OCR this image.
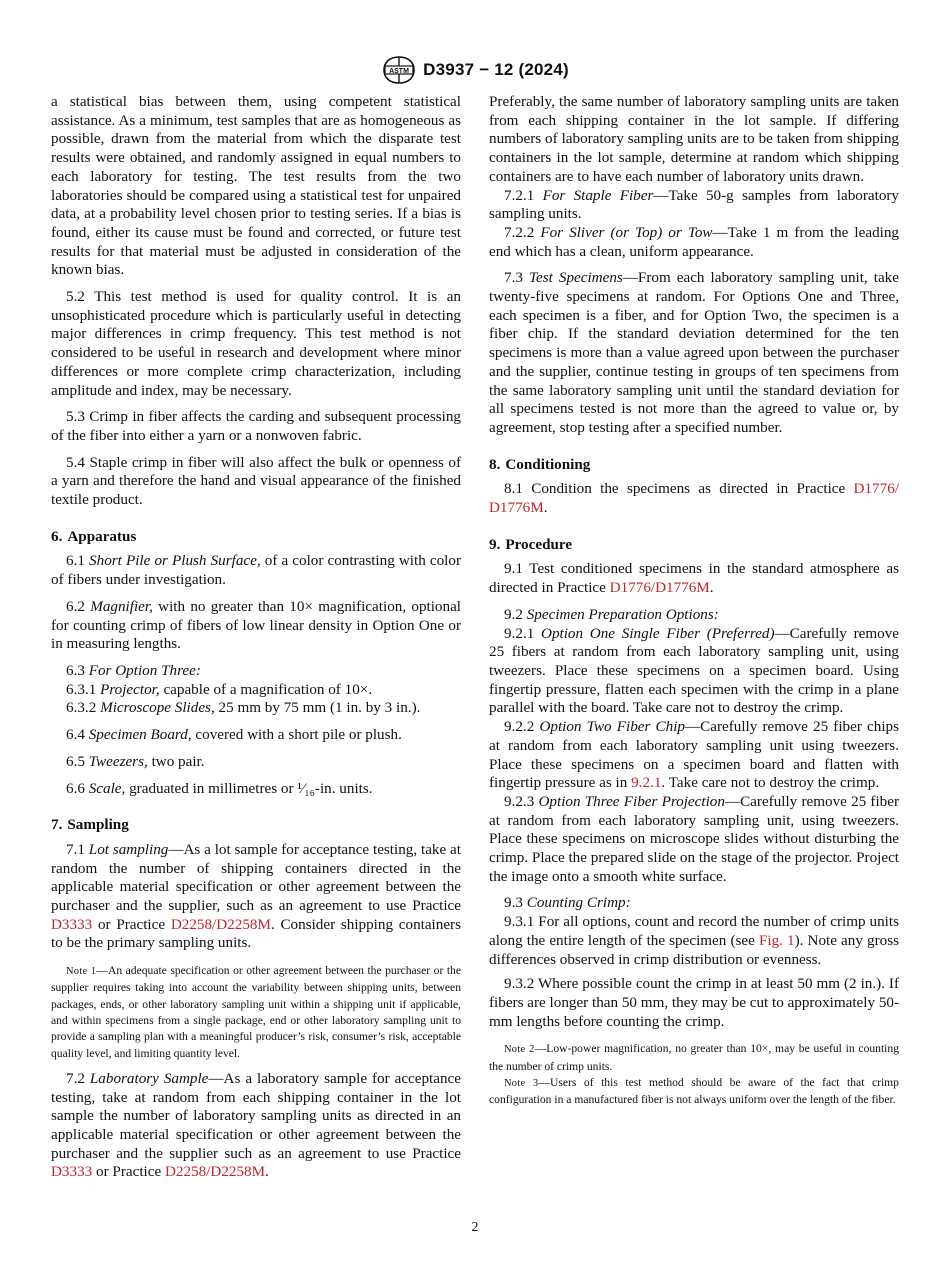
ASTM D3937 − 12 (2024)

a statistical bias between them, using competent statistical assistance. As a minimum, test samples that are as homogeneous as possible, drawn from the material from which the disparate test results were obtained, and randomly assigned in equal numbers to each laboratory for testing. The test results from the two laboratories should be compared using a statistical test for unpaired data, at a probability level chosen prior to testing series. If a bias is found, either its cause must be found and corrected, or future test results for that material must be adjusted in consideration of the known bias.

5.2 This test method is used for quality control. It is an unsophisticated procedure which is particularly useful in detecting major differences in crimp frequency. This test method is not considered to be useful in research and development where minor differences or more complete crimp characterization, including amplitude and index, may be necessary.

5.3 Crimp in fiber affects the carding and subsequent processing of the fiber into either a yarn or a nonwoven fabric.

5.4 Staple crimp in fiber will also affect the bulk or openness of a yarn and therefore the hand and visual appearance of the finished textile product.

6. Apparatus

6.1 Short Pile or Plush Surface, of a color contrasting with color of fibers under investigation.

6.2 Magnifier, with no greater than 10× magnification, optional for counting crimp of fibers of low linear density in Option One or in measuring lengths.

6.3 For Option Three:

6.3.1 Projector, capable of a magnification of 10×.

6.3.2 Microscope Slides, 25 mm by 75 mm (1 in. by 3 in.).

6.4 Specimen Board, covered with a short pile or plush.

6.5 Tweezers, two pair.

6.6 Scale, graduated in millimetres or ¹⁄₁₆-in. units.

7. Sampling

7.1 Lot sampling—As a lot sample for acceptance testing, take at random the number of shipping containers directed in the applicable material specification or other agreement between the purchaser and the supplier, such as an agreement to use Practice D3333 or Practice D2258/D2258M. Consider shipping containers to be the primary sampling units.

Note 1—An adequate specification or other agreement between the purchaser or the supplier requires taking into account the variability between shipping units, between packages, ends, or other laboratory sampling unit within a shipping unit if applicable, and within specimens from a single package, end or other laboratory sampling unit to provide a sampling plan with a meaningful producer’s risk, consumer’s risk, acceptable quality level, and limiting quantity level.

7.2 Laboratory Sample—As a laboratory sample for acceptance testing, take at random from each shipping container in the lot sample the number of laboratory sampling units as directed in an applicable material specification or other agreement between the purchaser and the supplier such as an agreement to use Practice D3333 or Practice D2258/D2258M.

Preferably, the same number of laboratory sampling units are taken from each shipping container in the lot sample. If differing numbers of laboratory sampling units are to be taken from shipping containers in the lot sample, determine at random which shipping containers are to have each number of laboratory units drawn.

7.2.1 For Staple Fiber—Take 50-g samples from laboratory sampling units.

7.2.2 For Sliver (or Top) or Tow—Take 1 m from the leading end which has a clean, uniform appearance.

7.3 Test Specimens—From each laboratory sampling unit, take twenty-five specimens at random. For Options One and Three, each specimen is a fiber, and for Option Two, the specimen is a fiber chip. If the standard deviation determined for the ten specimens is more than a value agreed upon between the purchaser and the supplier, continue testing in groups of ten specimens from the same laboratory sampling unit until the standard deviation for all specimens tested is not more than the agreed to value or, by agreement, stop testing after a specified number.

8. Conditioning

8.1 Condition the specimens as directed in Practice D1776/ D1776M.

9. Procedure

9.1 Test conditioned specimens in the standard atmosphere as directed in Practice D1776/D1776M.

9.2 Specimen Preparation Options:

9.2.1 Option One Single Fiber (Preferred)—Carefully remove 25 fibers at random from each laboratory sampling unit, using tweezers. Place these specimens on a specimen board. Using fingertip pressure, flatten each specimen with the crimp in a plane parallel with the board. Take care not to destroy the crimp.

9.2.2 Option Two Fiber Chip—Carefully remove 25 fiber chips at random from each laboratory sampling unit using tweezers. Place these specimens on a specimen board and flatten with fingertip pressure as in 9.2.1. Take care not to destroy the crimp.

9.2.3 Option Three Fiber Projection—Carefully remove 25 fiber at random from each laboratory sampling unit, using tweezers. Place these specimens on microscope slides without disturbing the crimp. Place the prepared slide on the stage of the projector. Project the image onto a smooth white surface.

9.3 Counting Crimp:

9.3.1 For all options, count and record the number of crimp units along the entire length of the specimen (see Fig. 1). Note any gross differences observed in crimp distribution or evenness.

9.3.2 Where possible count the crimp in at least 50 mm (2 in.). If fibers are longer than 50 mm, they may be cut to approximately 50-mm lengths before counting the crimp.

Note 2—Low-power magnification, no greater than 10×, may be useful in counting the number of crimp units.

Note 3—Users of this test method should be aware of the fact that crimp configuration in a manufactured fiber is not always uniform over the length of the fiber.

2
